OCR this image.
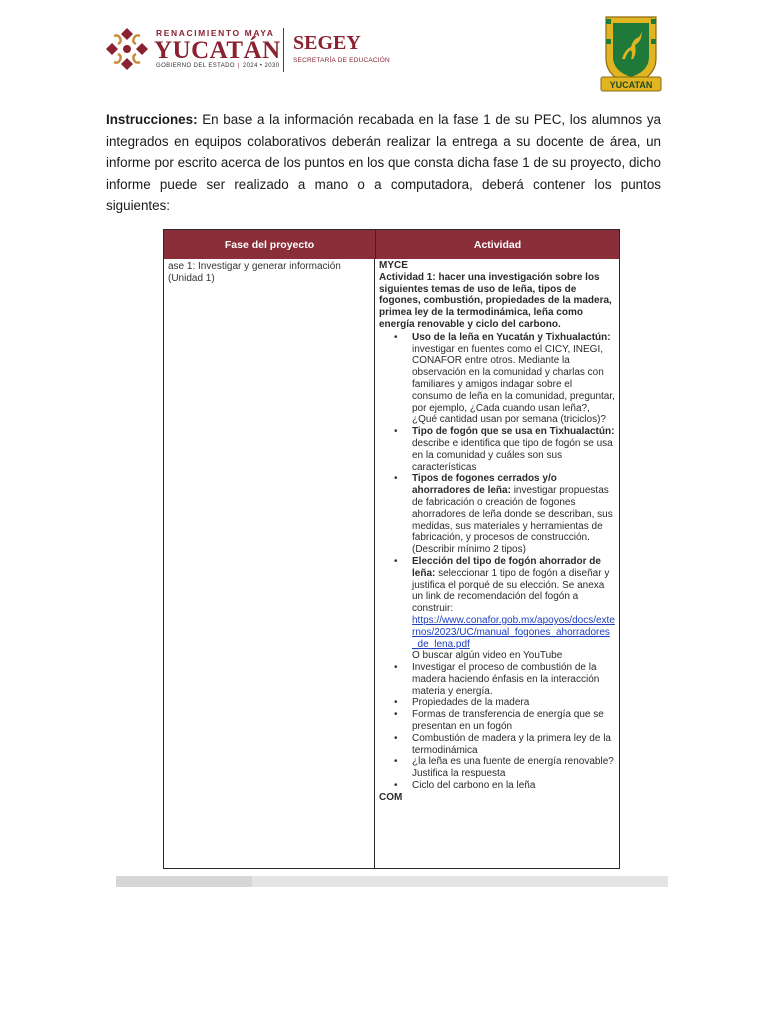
RENACIMIENTO MAYA
YUCATÁN
GOBIERNO DEL ESTADO | 2024 • 2030
SEGEY
SECRETARÍA DE EDUCACIÓN
YUCATAN

Instrucciones: En base a la información recabada en la fase 1 de su PEC, los alumnos ya integrados en equipos colaborativos deberán realizar la entrega a su docente de área, un informe por escrito acerca de los puntos en los que consta dicha fase 1 de su proyecto, dicho informe puede ser realizado a mano o a computadora, deberá contener los puntos siguientes:

Fase del proyecto	Actividad
ase 1: Investigar y generar información (Unidad 1)
MYCE
Actividad 1: hacer una investigación sobre los siguientes temas de uso de leña, tipos de fogones, combustión, propiedades de la madera, primea ley de la termodinámica, leña como energía renovable y ciclo del carbono.
• Uso de la leña en Yucatán y Tixhualactún: investigar en fuentes como el CICY, INEGI, CONAFOR entre otros. Mediante la observación en la comunidad y charlas con familiares y amigos indagar sobre el consumo de leña en la comunidad, preguntar, por ejemplo, ¿Cada cuando usan leña?, ¿Qué cantidad usan por semana (triciclos)?
• Tipo de fogón que se usa en Tixhualactún: describe e identifica que tipo de fogón se usa en la comunidad y cuáles son sus características
• Tipos de fogones cerrados y/o ahorradores de leña: investigar propuestas de fabricación o creación de fogones ahorradores de leña donde se describan, sus medidas, sus materiales y herramientas de fabricación, y procesos de construcción. (Describir mínimo 2 tipos)
• Elección del tipo de fogón ahorrador de leña: seleccionar 1 tipo de fogón a diseñar y justifica el porqué de su elección. Se anexa un link de recomendación del fogón a construir:
https://www.conafor.gob.mx/apoyos/docs/externos/2023/UC/manual_fogones_ahorradores_de_lena.pdf
O buscar algún video en YouTube
• Investigar el proceso de combustión de la madera haciendo énfasis en la interacción materia y energía.
• Propiedades de la madera
• Formas de transferencia de energía que se presentan en un fogón
• Combustión de madera y la primera ley de la termodinámica
• ¿la leña es una fuente de energía renovable? Justifica la respuesta
• Ciclo del carbono en la leña
COM
